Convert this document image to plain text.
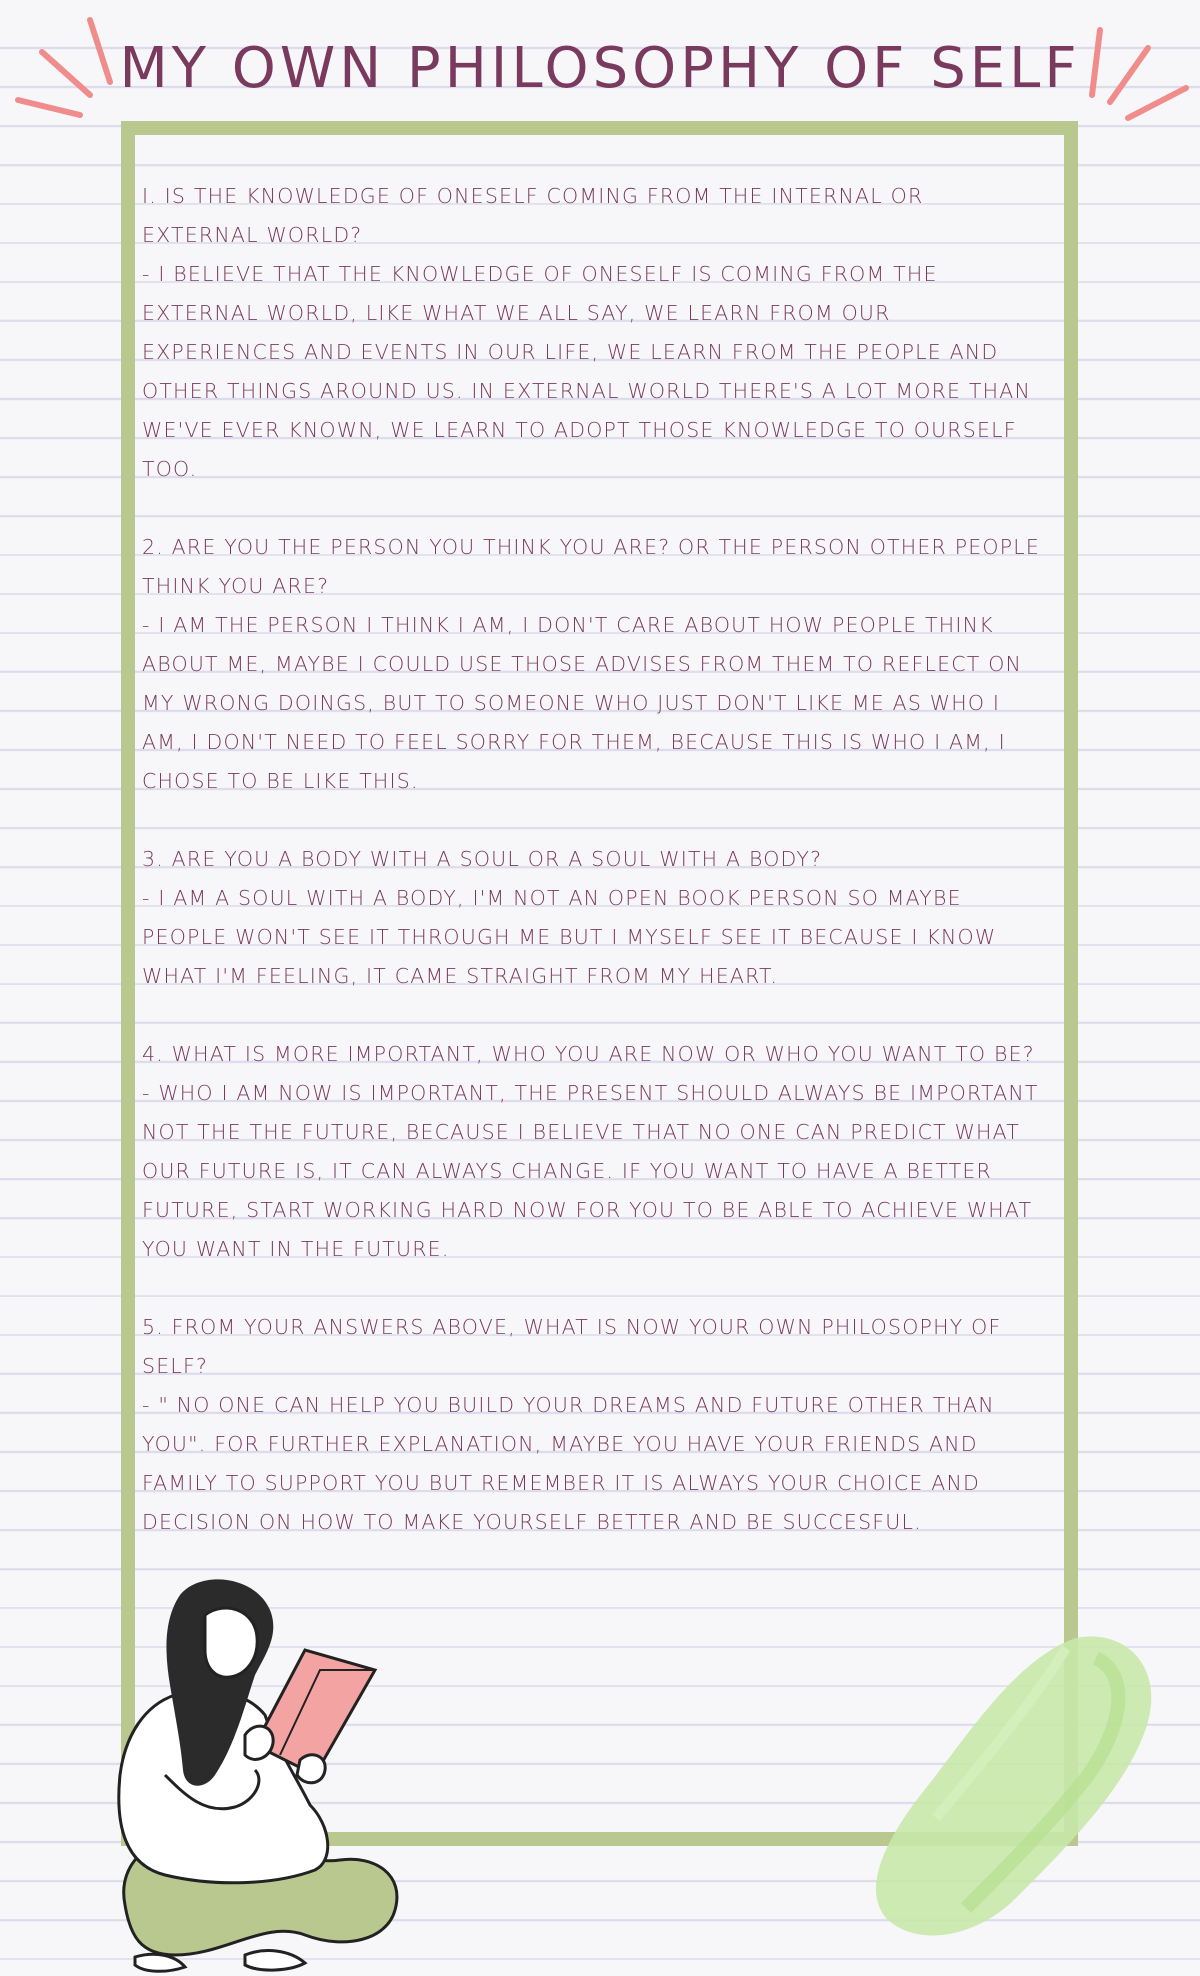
MY OWN PHILOSOPHY OF SELF

I. IS THE KNOWLEDGE OF ONESELF COMING FROM THE INTERNAL OR EXTERNAL WORLD?

- I BELIEVE THAT THE KNOWLEDGE OF ONESELF IS COMING FROM THE EXTERNAL WORLD, LIKE WHAT WE ALL SAY, WE LEARN FROM OUR EXPERIENCES AND EVENTS IN OUR LIFE, WE LEARN FROM THE PEOPLE AND OTHER THINGS AROUND US. IN EXTERNAL WORLD THERE'S A LOT MORE THAN WE'VE EVER KNOWN, WE LEARN TO ADOPT THOSE KNOWLEDGE TO OURSELF TOO.

2. ARE YOU THE PERSON YOU THINK YOU ARE? OR THE PERSON OTHER PEOPLE THINK YOU ARE?

- I AM THE PERSON I THINK I AM, I DON'T CARE ABOUT HOW PEOPLE THINK ABOUT ME, MAYBE I COULD USE THOSE ADVISES FROM THEM TO REFLECT ON MY WRONG DOINGS, BUT TO SOMEONE WHO JUST DON'T LIKE ME AS WHO I AM, I DON'T NEED TO FEEL SORRY FOR THEM, BECAUSE THIS IS WHO I AM, I CHOSE TO BE LIKE THIS.

3. ARE YOU A BODY WITH A SOUL OR A SOUL WITH A BODY?

- I AM A SOUL WITH A BODY, I'M NOT AN OPEN BOOK PERSON SO MAYBE PEOPLE WON'T SEE IT THROUGH ME BUT I MYSELF SEE IT BECAUSE I KNOW WHAT I'M FEELING, IT CAME STRAIGHT FROM MY HEART.

4. WHAT IS MORE IMPORTANT, WHO YOU ARE NOW OR WHO YOU WANT TO BE?

- WHO I AM NOW IS IMPORTANT, THE PRESENT SHOULD ALWAYS BE IMPORTANT NOT THE THE FUTURE, BECAUSE I BELIEVE THAT NO ONE CAN PREDICT WHAT OUR FUTURE IS, IT CAN ALWAYS CHANGE. IF YOU WANT TO HAVE A BETTER FUTURE, START WORKING HARD NOW FOR YOU TO BE ABLE TO ACHIEVE WHAT YOU WANT IN THE FUTURE.

5. FROM YOUR ANSWERS ABOVE, WHAT IS NOW YOUR OWN PHILOSOPHY OF SELF?

- " NO ONE CAN HELP YOU BUILD YOUR DREAMS AND FUTURE OTHER THAN YOU". FOR FURTHER EXPLANATION, MAYBE YOU HAVE YOUR FRIENDS AND FAMILY TO SUPPORT YOU BUT REMEMBER IT IS ALWAYS YOUR CHOICE AND DECISION ON HOW TO MAKE YOURSELF BETTER AND BE SUCCESFUL.
